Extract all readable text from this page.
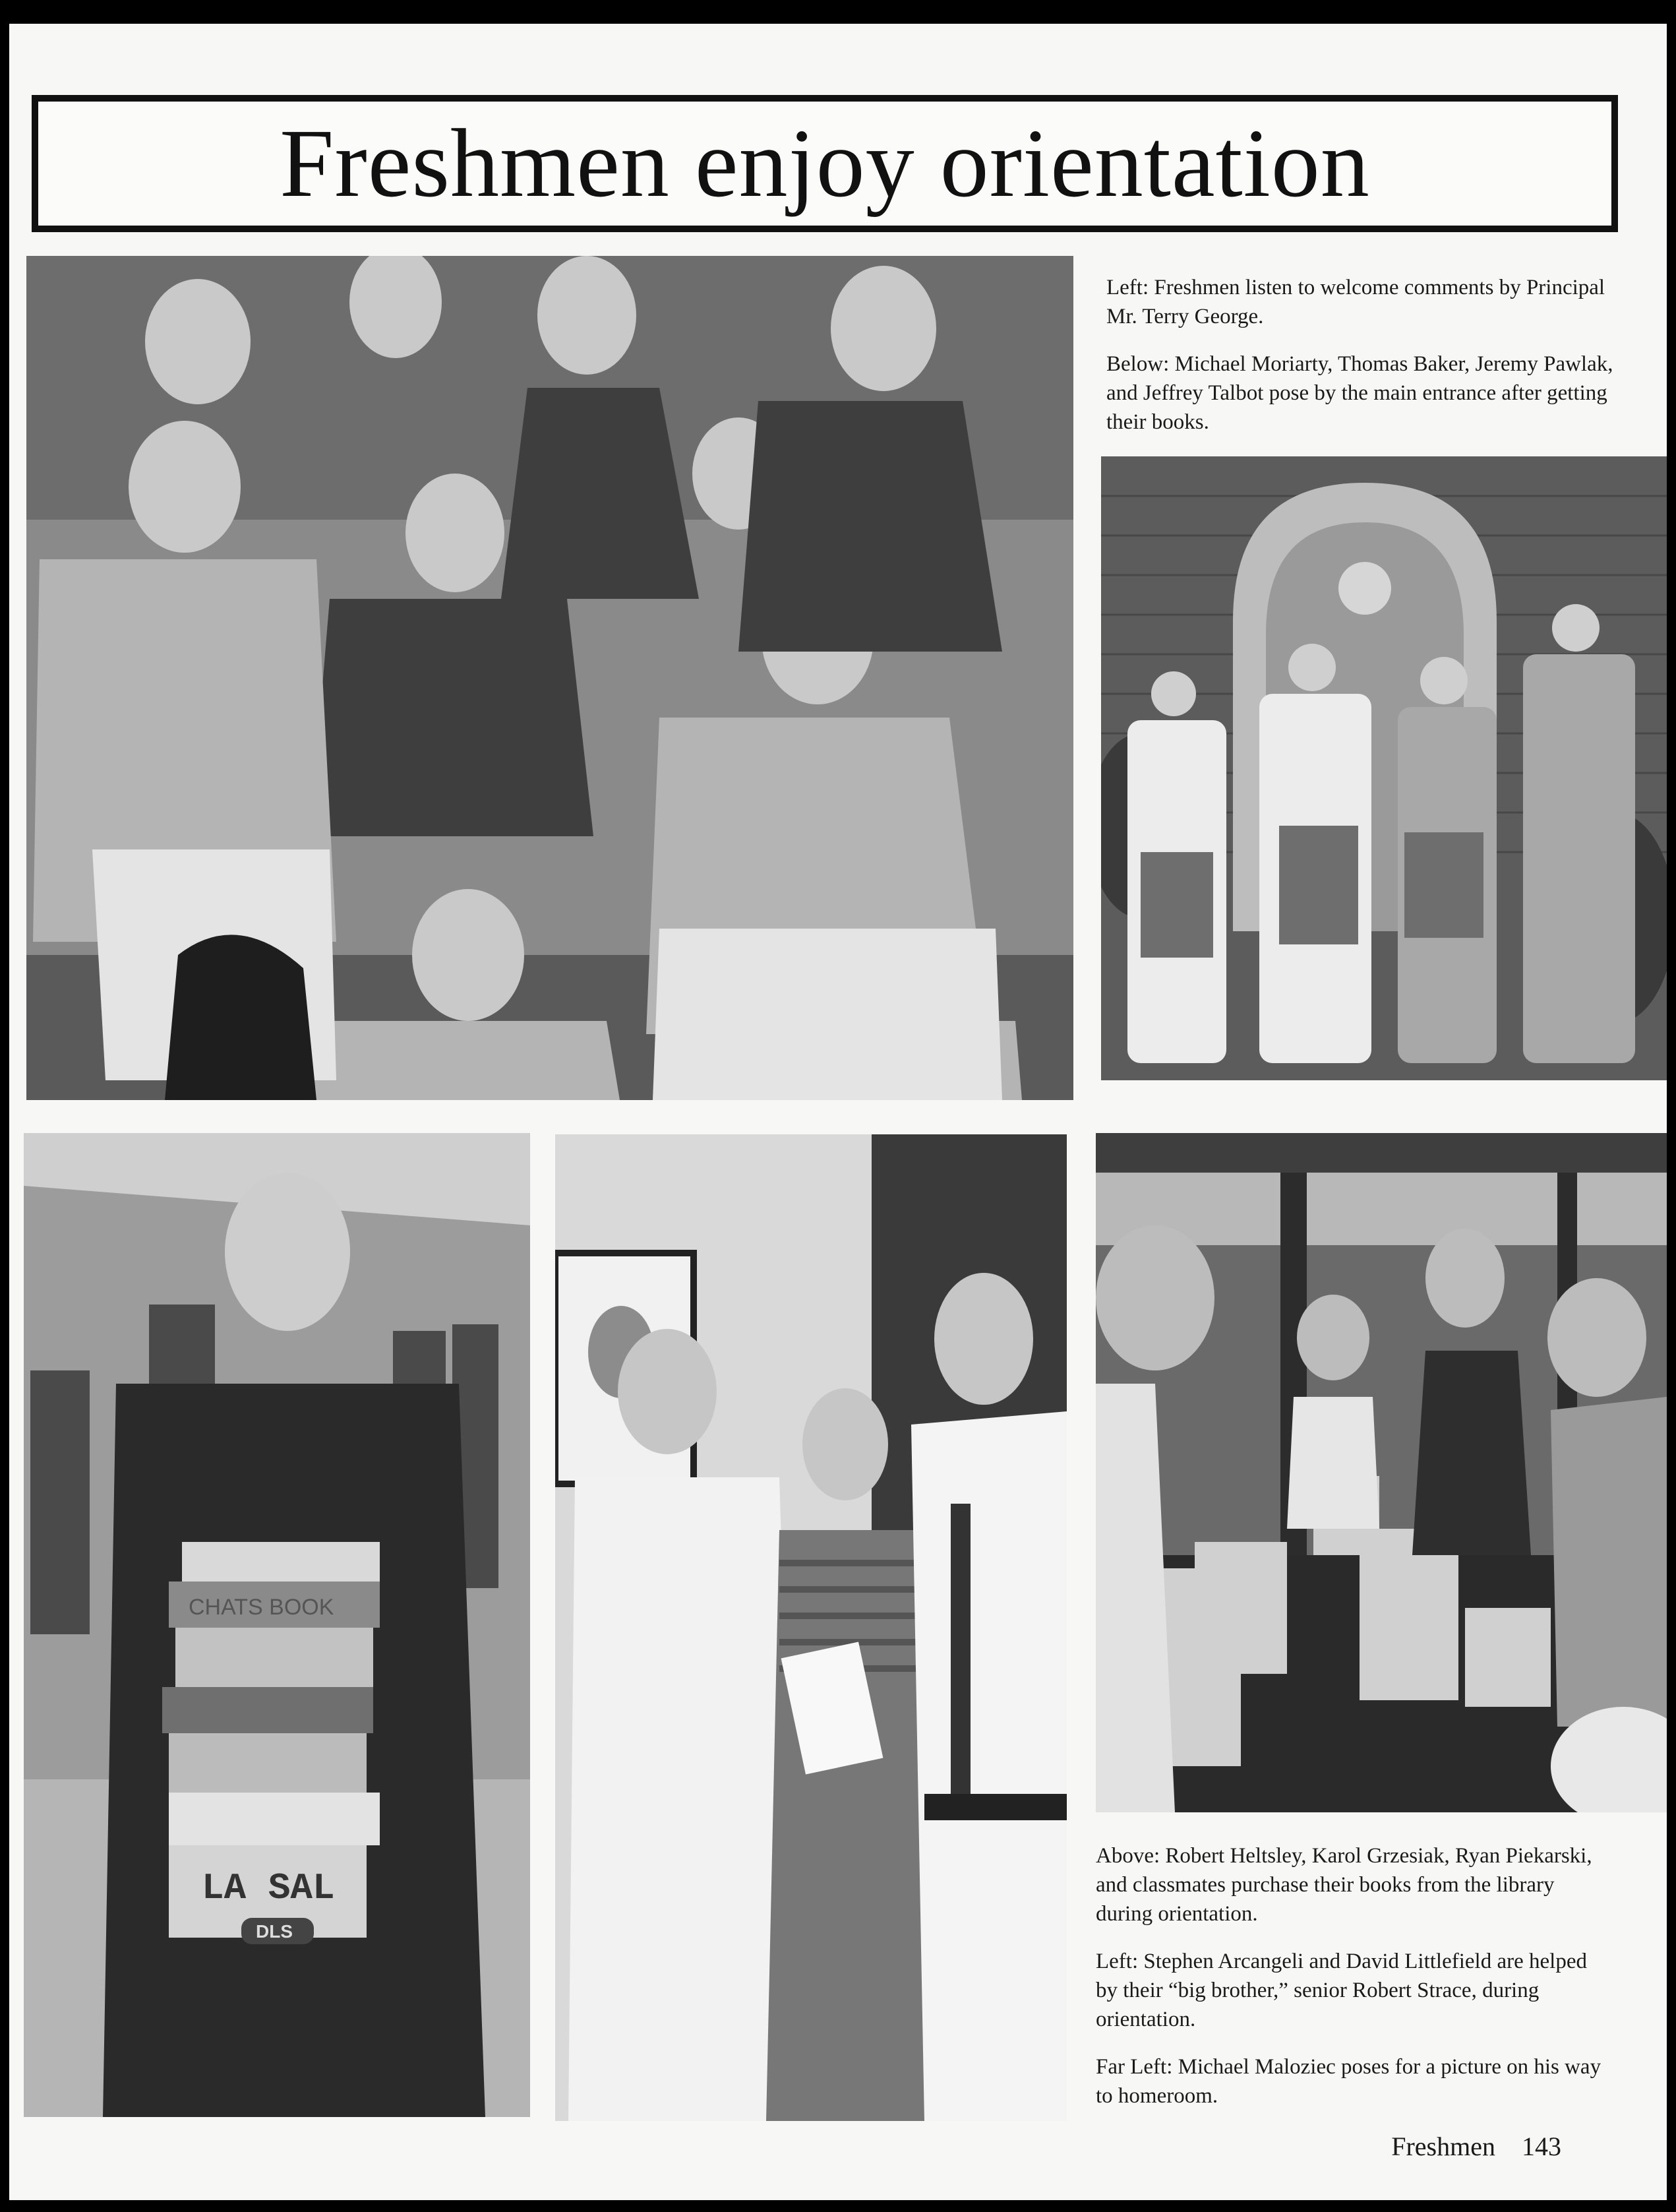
Freshmen enjoy orientation

Left: Freshmen listen to welcome comments by Principal Mr. Terry George.

Below: Michael Moriarty, Thomas Baker, Jeremy Pawlak, and Jeffrey Talbot pose by the main entrance after getting their books.

CHATS BOOK
LA SAL
DLS

Above: Robert Heltsley, Karol Grzesiak, Ryan Piekarski, and classmates purchase their books from the library during orientation.

Left: Stephen Arcangeli and David Littlefield are helped by their “big brother,” senior Robert Strace, during orientation.

Far Left: Michael Maloziec poses for a picture on his way to homeroom.

Freshmen 143
